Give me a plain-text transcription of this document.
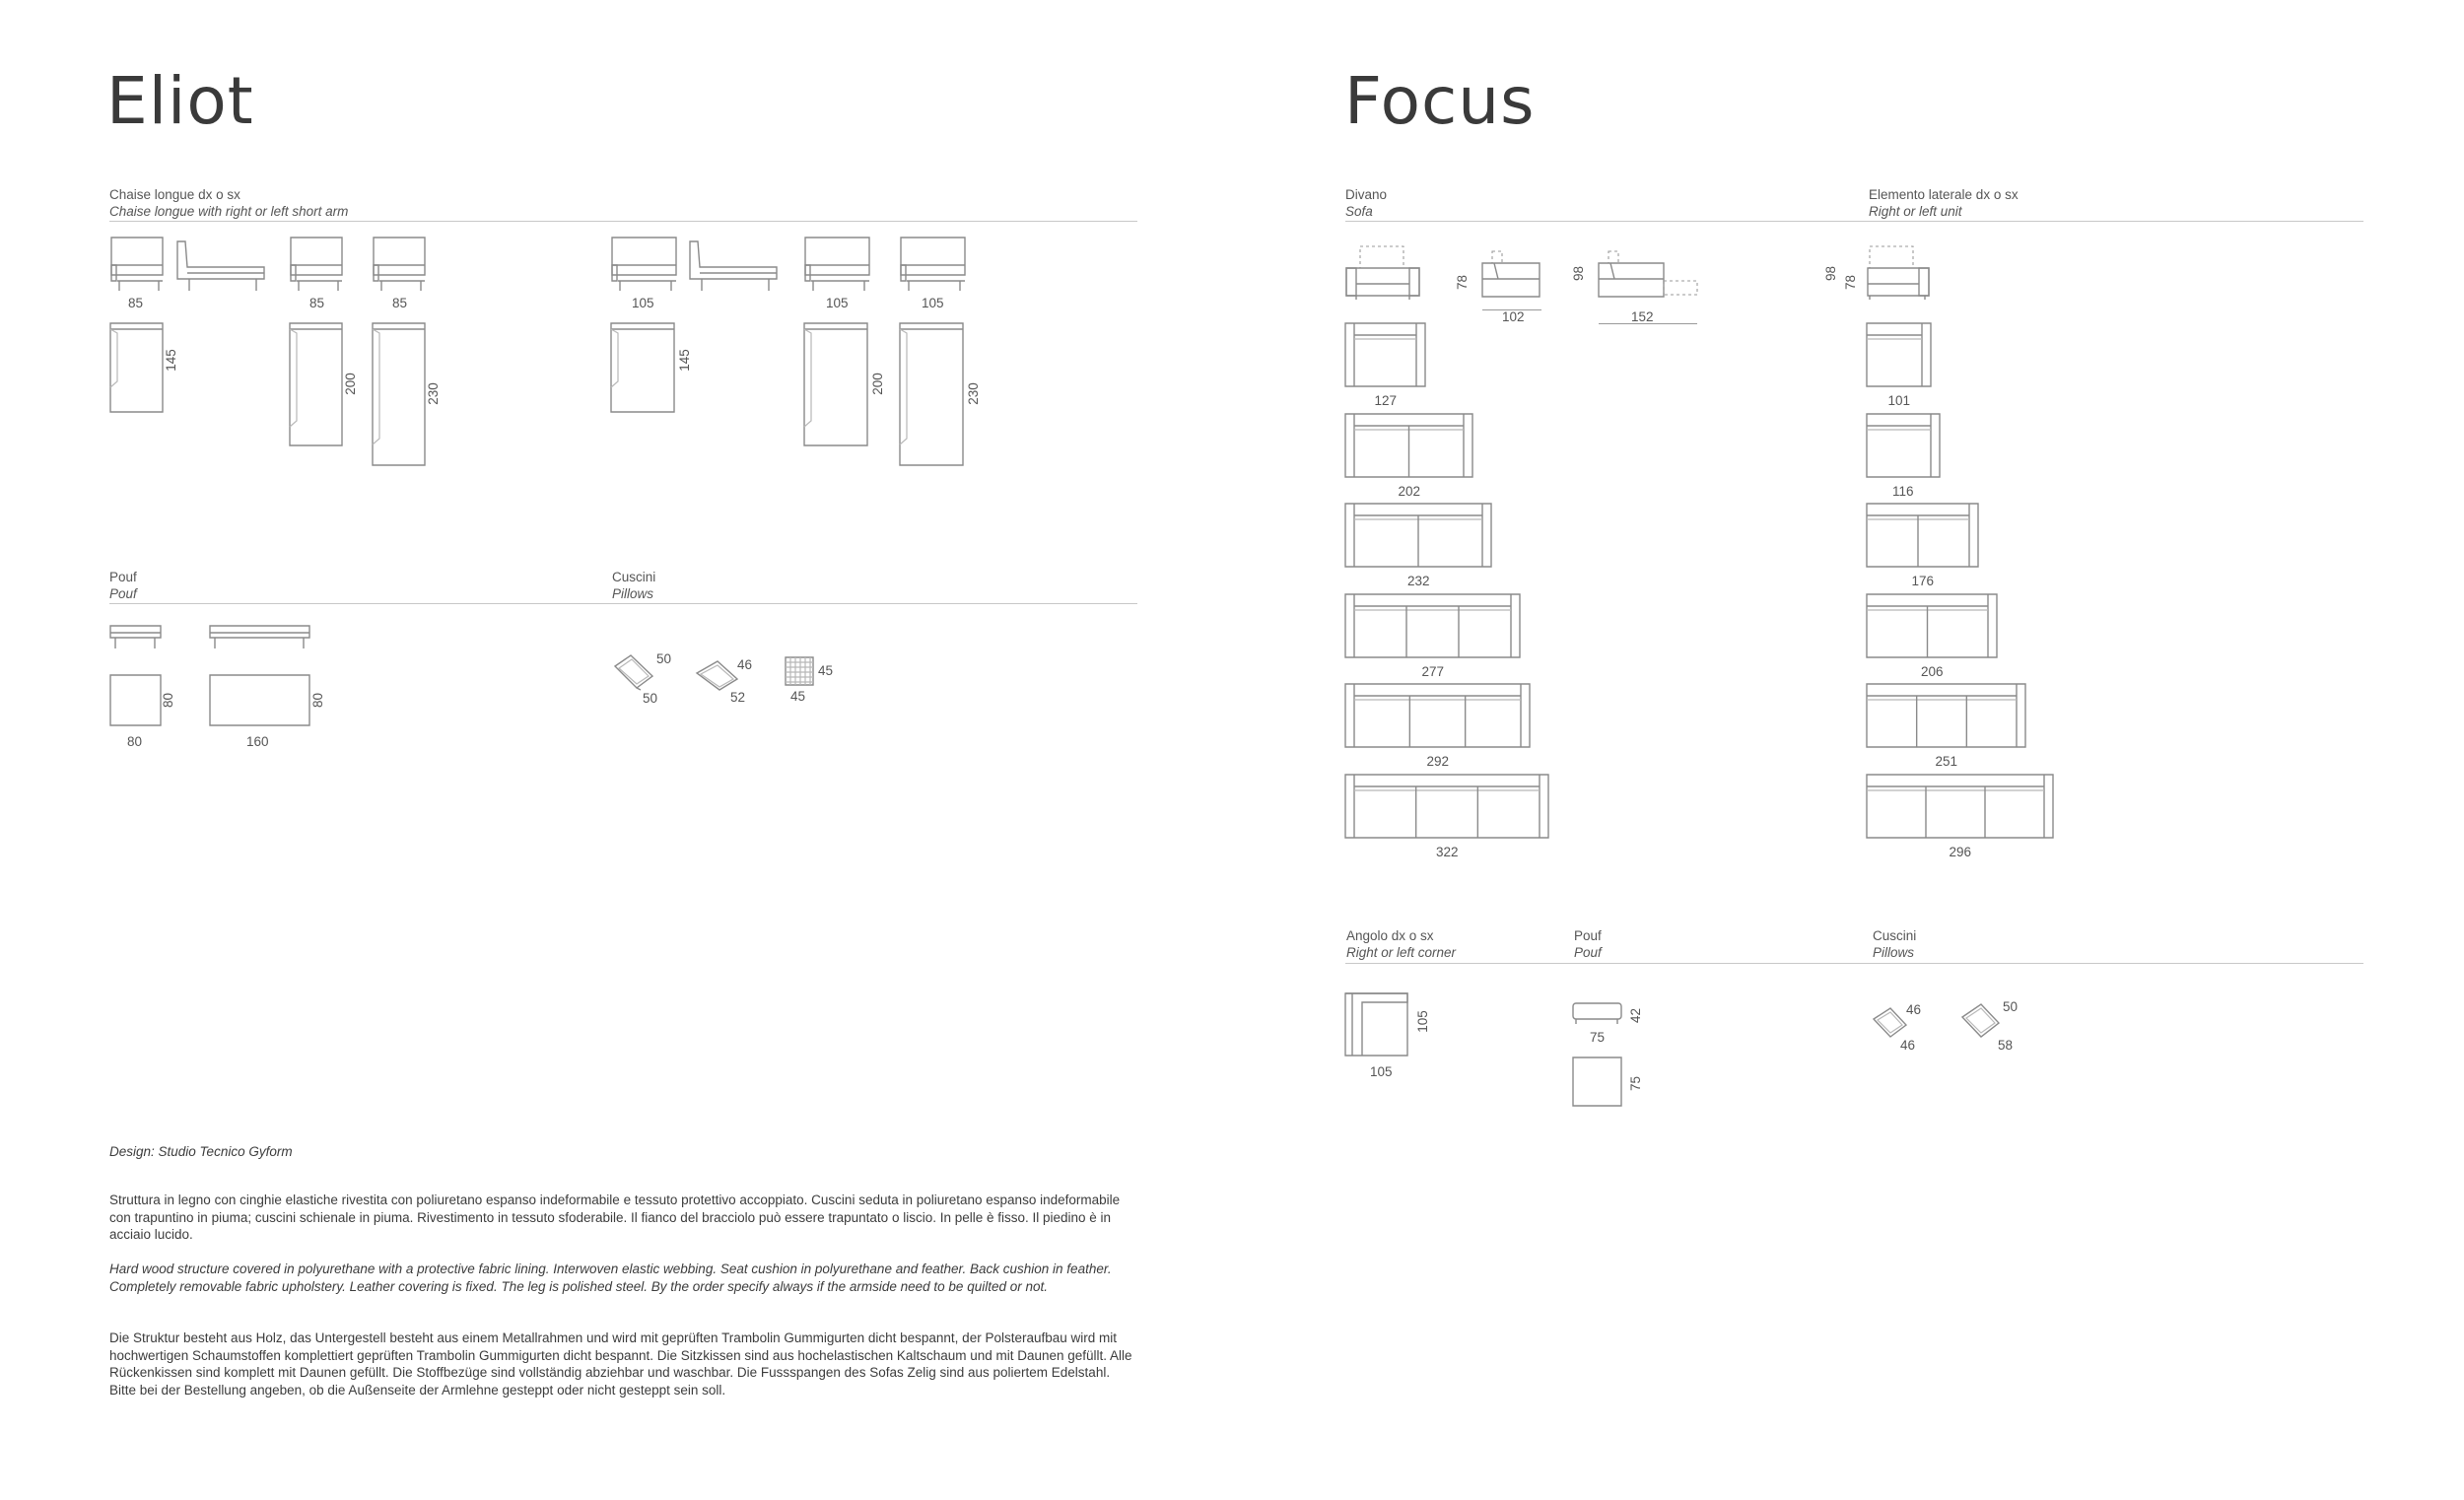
Eliot
Chaise longue dx o sx
Chaise longue with right or left short arm
85	85	85	105	105	105
145
200	230
145
200	230
Pouf
Pouf
Cuscini
Pillows
80
80	160
80
50
50
46
52
45
45
Design: Studio Tecnico Gyform

Struttura in legno con cinghie elastiche rivestita con poliuretano espanso indeformabile e tessuto protettivo accoppiato. Cuscini seduta in poliuretano espanso indeformabile con trapuntino in piuma; cuscini schienale in piuma. Rivestimento in tessuto sfoderabile. Il fianco del bracciolo può essere trapuntato o liscio. In pelle è fisso. Il piedino è in acciaio lucido.

Hard wood structure covered in polyurethane with a protective fabric lining. Interwoven elastic webbing. Seat cushion in polyurethane and feather. Back cushion in feather. Completely removable fabric upholstery. Leather covering is fixed. The leg is polished steel. By the order specify always if the armside need to be quilted or not.

Die Struktur besteht aus Holz, das Untergestell besteht aus einem Metallrahmen und wird mit geprüften Trambolin Gummigurten dicht bespannt, der Polsteraufbau wird mit hochwertigen Schaumstoffen komplettiert geprüften Trambolin Gummigurten dicht bespannt. Die Sitzkissen sind aus hochelastischen Kaltschaum und mit Daunen gefüllt. Alle Rückenkissen sind komplett mit Daunen gefüllt. Die Stoffbezüge sind vollständig abziehbar und waschbar. Die Fussspangen des Sofas Zelig sind aus poliertem Edelstahl. Bitte bei der Bestellung angeben, ob die Außenseite der Armlehne gesteppt oder nicht gesteppt sein soll.

Focus
Divano
Sofa
Elemento laterale dx o sx
Right or left unit
78
102
98
152
98
78
127
202
232
277
292
322
101
116
176
206
251
296
Angolo dx o sx
Right or left corner
Pouf
Pouf
Cuscini
Pillows
105
105
42
75
75
46
46
50
58
